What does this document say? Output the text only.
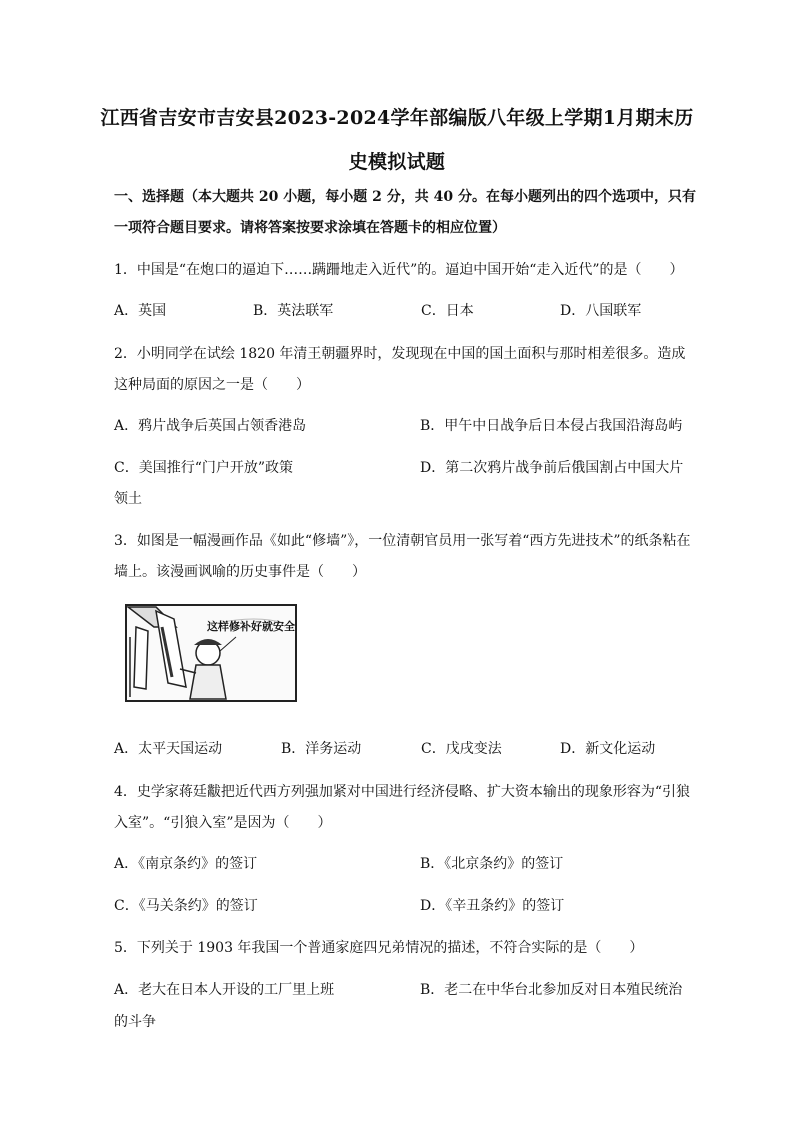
江西省吉安市吉安县2023-2024学年部编版八年级上学期1月期末历
史模拟试题
一、选择题（本大题共 20 小题，每小题 2 分，共 40 分。在每小题列出的四个选项中，只有
一项符合题目要求。请将答案按要求涂填在答题卡的相应位置）
1．中国是“在炮口的逼迫下……蹒跚地走入近代”的。逼迫中国开始“走入近代”的是（　　）
A．英国	B．英法联军	C．日本	D．八国联军
2．小明同学在试绘 1820 年清王朝疆界时，发现现在中国的国土面积与那时相差很多。造成
这种局面的原因之一是（　　）
A．鸦片战争后英国占领香港岛	B．甲午中日战争后日本侵占我国沿海岛屿
C．美国推行“门户开放”政策	D．第二次鸦片战争前后俄国割占中国大片
领土
3．如图是一幅漫画作品《如此“修墙”》，一位清朝官员用一张写着“西方先进技术”的纸条粘在
墙上。该漫画讽喻的历史事件是（　　）
这样修补好就安全
A．太平天国运动	B．洋务运动	C．戊戌变法	D．新文化运动
4．史学家蒋廷黻把近代西方列强加紧对中国进行经济侵略、扩大资本输出的现象形容为“引狼
入室”。“引狼入室”是因为（　　）
A．《南京条约》的签订	B．《北京条约》的签订
C．《马关条约》的签订	D．《辛丑条约》的签订
5．下列关于 1903 年我国一个普通家庭四兄弟情况的描述，不符合实际的是（　　）
A．老大在日本人开设的工厂里上班	B．老二在中华台北参加反对日本殖民统治
的斗争
